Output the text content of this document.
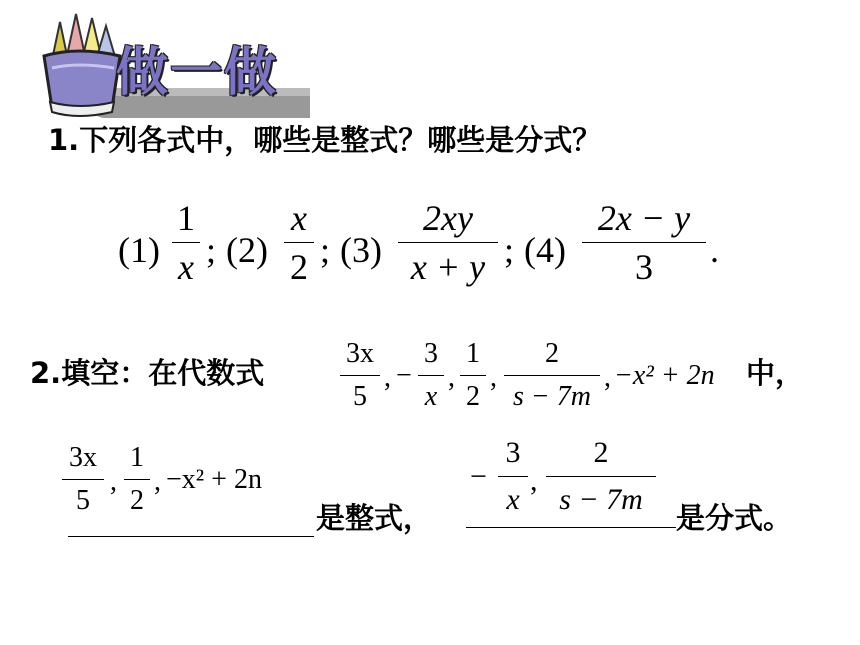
做一做
1.下列各式中，哪些是整式？哪些是分式？
(1)
1
x ; (2)
x
2 ; (3)
2xy
x + y ; (4)
2x − y
3 .
2.填空：在代数式
3x
5
, −
3
x
,
1
2
,
2
s − 7m
, −x² + 2n 中，
3x
5
,
1
2
, −x² + 2n
是整式，
−
3
x
,
2
s − 7m
是分式。
